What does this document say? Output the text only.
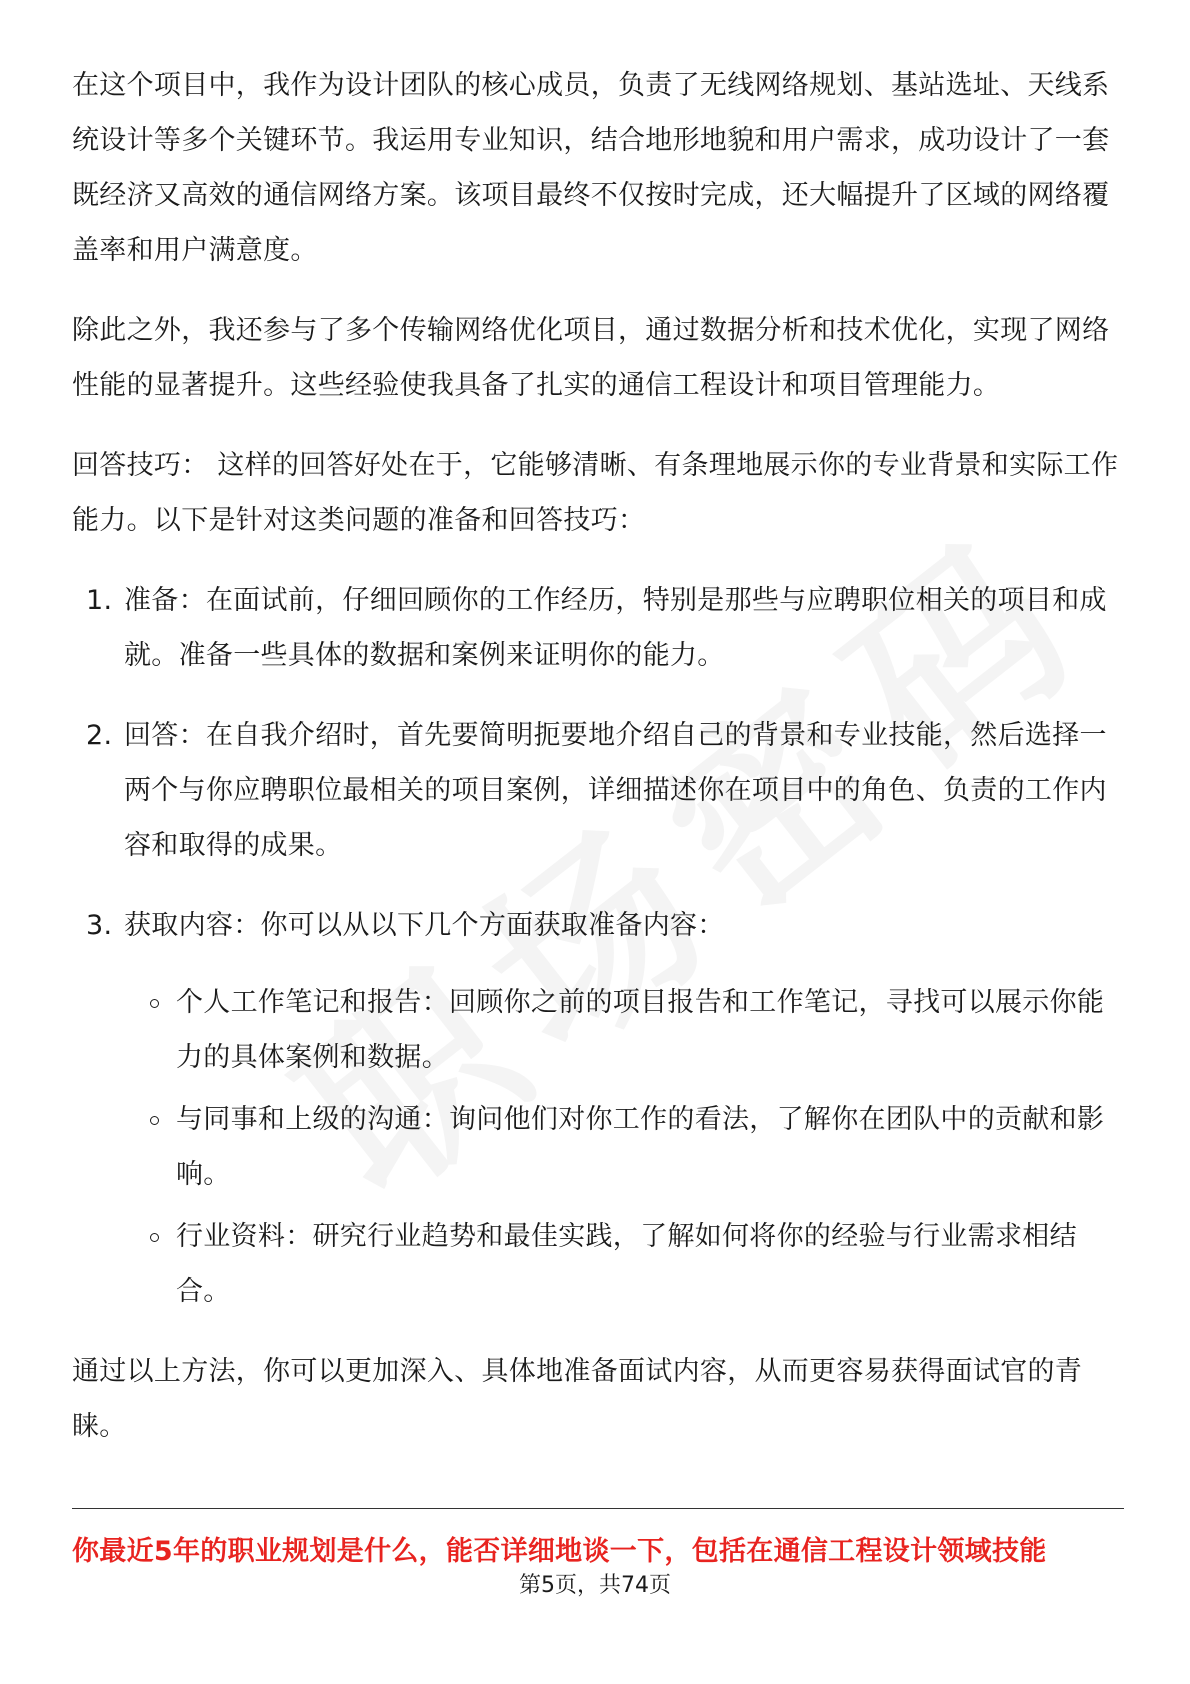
在这个项目中，我作为设计团队的核心成员，负责了无线网络规划、基站选址、天线系统设计等多个关键环节。我运用专业知识，结合地形地貌和用户需求，成功设计了一套既经济又高效的通信网络方案。该项目最终不仅按时完成，还大幅提升了区域的网络覆盖率和用户满意度。

除此之外，我还参与了多个传输网络优化项目，通过数据分析和技术优化，实现了网络性能的显著提升。这些经验使我具备了扎实的通信工程设计和项目管理能力。

回答技巧： 这样的回答好处在于，它能够清晰、有条理地展示你的专业背景和实际工作能力。以下是针对这类问题的准备和回答技巧：

1. 准备：在面试前，仔细回顾你的工作经历，特别是那些与应聘职位相关的项目和成就。准备一些具体的数据和案例来证明你的能力。
2. 回答：在自我介绍时，首先要简明扼要地介绍自己的背景和专业技能，然后选择一两个与你应聘职位最相关的项目案例，详细描述你在项目中的角色、负责的工作内容和取得的成果。
3. 获取内容：你可以从以下几个方面获取准备内容：
个人工作笔记和报告：回顾你之前的项目报告和工作笔记，寻找可以展示你能力的具体案例和数据。
与同事和上级的沟通：询问他们对你工作的看法，了解你在团队中的贡献和影响。
行业资料：研究行业趋势和最佳实践，了解如何将你的经验与行业需求相结合。

通过以上方法，你可以更加深入、具体地准备面试内容，从而更容易获得面试官的青睐。

你最近5年的职业规划是什么，能否详细地谈一下，包括在通信工程设计领域技能
第5页，共74页
